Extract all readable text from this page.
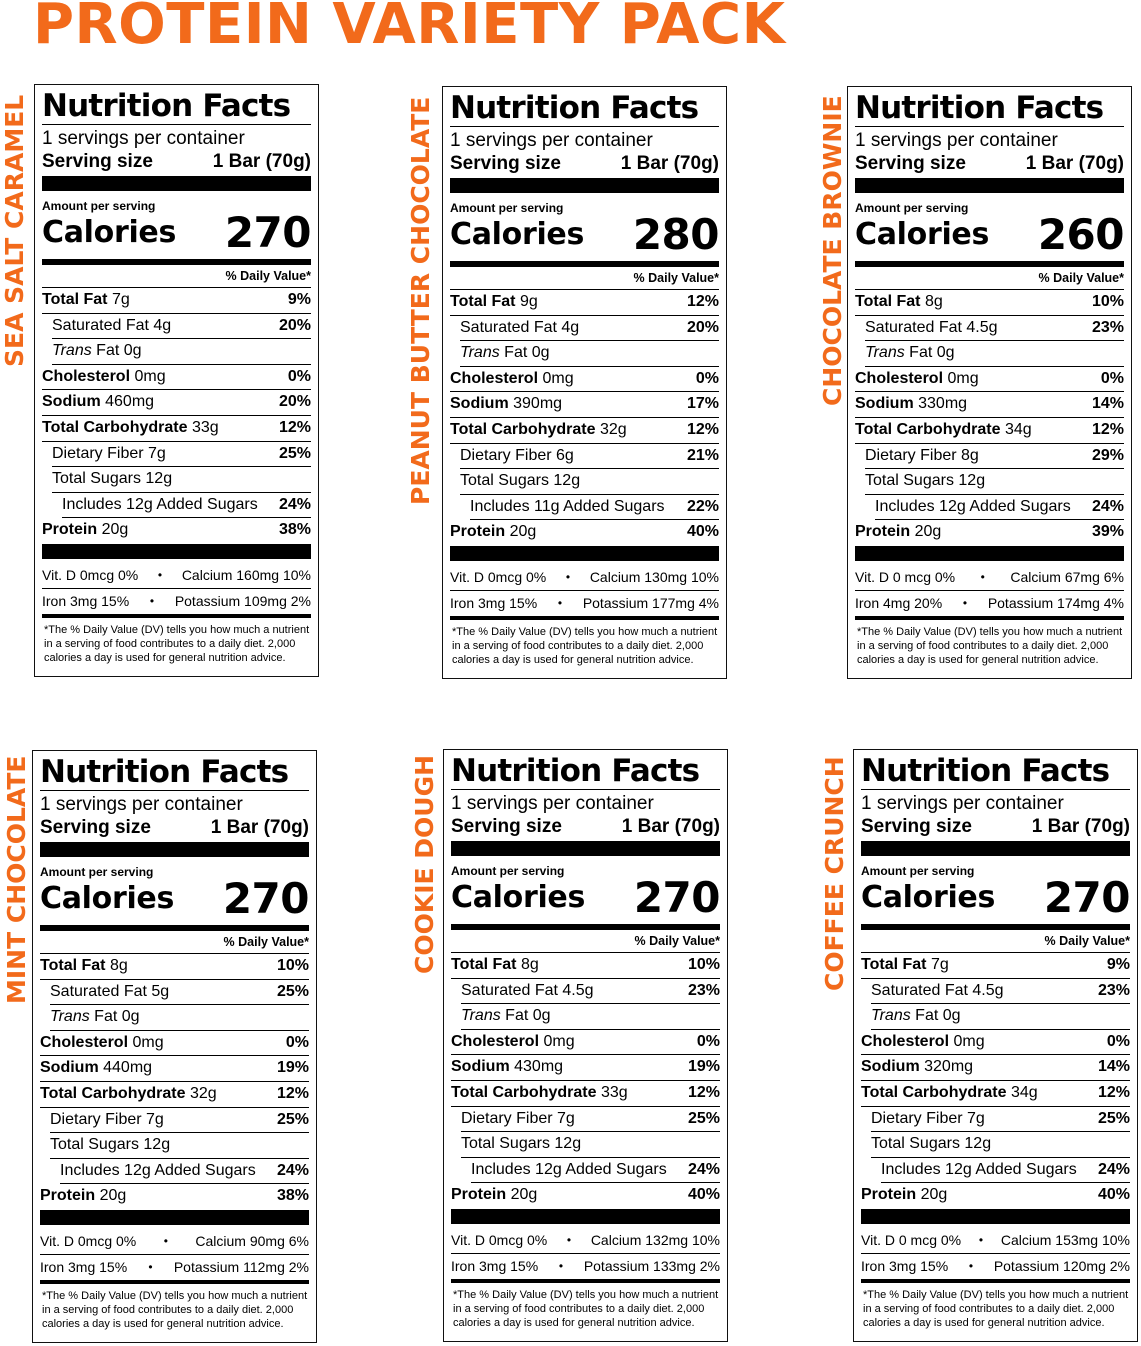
PROTEIN VARIETY PACK
SEA SALT CARAMEL Nutrition Facts
1 servings per container
Serving size	1 Bar (70g)
Amount per serving
Calories 270
% Daily Value*
Total Fat 7g	9%
Saturated Fat 4g	20%
Trans Fat 0g
Cholesterol 0mg	0%
Sodium 460mg	20%
Total Carbohydrate 33g	12%
Dietary Fiber 7g	25%
Total Sugars 12g
Includes 12g Added Sugars 24%
Protein 20g	38%
Vit. D 0mcg 0% • Calcium 160mg 10%
Iron 3mg 15% • Potassium 109mg 2%
*The % Daily Value (DV) tells you how much a nutrient in a serving of food contributes to a daily diet. 2,000 calories a day is used for general nutrition advice.
PEANUT BUTTER CHOCOLATE Nutrition Facts
1 servings per container
Serving size	1 Bar (70g)
Amount per serving
Calories 280
% Daily Value*
Total Fat 9g	12%
Saturated Fat 4g	20%
Trans Fat 0g
Cholesterol 0mg	0%
Sodium 390mg	17%
Total Carbohydrate 32g	12%
Dietary Fiber 6g	21%
Total Sugars 12g
Includes 11g Added Sugars 22%
Protein 20g	40%
Vit. D 0mcg 0% • Calcium 130mg 10%
Iron 3mg 15% • Potassium 177mg 4%
*The % Daily Value (DV) tells you how much a nutrient in a serving of food contributes to a daily diet. 2,000 calories a day is used for general nutrition advice.
CHOCOLATE BROWNIE Nutrition Facts
1 servings per container
Serving size	1 Bar (70g)
Amount per serving
Calories 260
% Daily Value*
Total Fat 8g	10%
Saturated Fat 4.5g	23%
Trans Fat 0g
Cholesterol 0mg	0%
Sodium 330mg	14%
Total Carbohydrate 34g	12%
Dietary Fiber 8g	29%
Total Sugars 12g
Includes 12g Added Sugars 24%
Protein 20g	39%
Vit. D 0 mcg 0% • Calcium 67mg 6%
Iron 4mg 20% • Potassium 174mg 4%
*The % Daily Value (DV) tells you how much a nutrient in a serving of food contributes to a daily diet. 2,000 calories a day is used for general nutrition advice.
MINT CHOCOLATE Nutrition Facts
1 servings per container
Serving size	1 Bar (70g)
Amount per serving
Calories 270
% Daily Value*
Total Fat 8g	10%
Saturated Fat 5g	25%
Trans Fat 0g
Cholesterol 0mg	0%
Sodium 440mg	19%
Total Carbohydrate 32g	12%
Dietary Fiber 7g	25%
Total Sugars 12g
Includes 12g Added Sugars 24%
Protein 20g	38%
Vit. D 0mcg 0% • Calcium 90mg 6%
Iron 3mg 15% • Potassium 112mg 2%
*The % Daily Value (DV) tells you how much a nutrient in a serving of food contributes to a daily diet. 2,000 calories a day is used for general nutrition advice.
COOKIE DOUGH Nutrition Facts
1 servings per container
Serving size	1 Bar (70g)
Amount per serving
Calories 270
% Daily Value*
Total Fat 8g	10%
Saturated Fat 4.5g	23%
Trans Fat 0g
Cholesterol 0mg	0%
Sodium 430mg	19%
Total Carbohydrate 33g	12%
Dietary Fiber 7g	25%
Total Sugars 12g
Includes 12g Added Sugars 24%
Protein 20g	40%
Vit. D 0mcg 0% • Calcium 132mg 10%
Iron 3mg 15% • Potassium 133mg 2%
*The % Daily Value (DV) tells you how much a nutrient in a serving of food contributes to a daily diet. 2,000 calories a day is used for general nutrition advice.
COFFEE CRUNCH Nutrition Facts
1 servings per container
Serving size	1 Bar (70g)
Amount per serving
Calories 270
% Daily Value*
Total Fat 7g	9%
Saturated Fat 4.5g	23%
Trans Fat 0g
Cholesterol 0mg	0%
Sodium 320mg	14%
Total Carbohydrate 34g	12%
Dietary Fiber 7g	25%
Total Sugars 12g
Includes 12g Added Sugars 24%
Protein 20g	40%
Vit. D 0 mcg 0% • Calcium 153mg 10%
Iron 3mg 15% • Potassium 120mg 2%
*The % Daily Value (DV) tells you how much a nutrient in a serving of food contributes to a daily diet. 2,000 calories a day is used for general nutrition advice.
